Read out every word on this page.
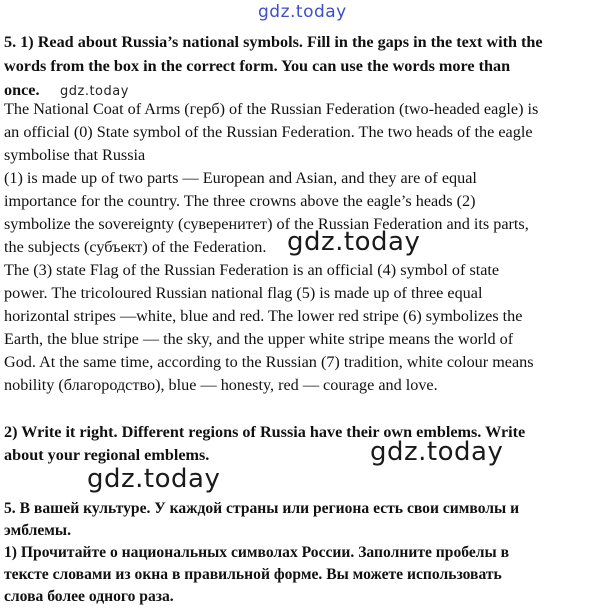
gdz.today
5. 1) Read about Russia’s national symbols. Fill in the gaps in the text with the
words from the box in the correct form. You can use the words more than
once.	gdz.today
The National Coat of Arms (герб) of the Russian Federation (two-headed eagle) is
an official (0) State symbol of the Russian Federation. The two heads of the eagle
symbolise that Russia
(1) is made up of two parts — European and Asian, and they are of equal
importance for the country. The three crowns above the eagle’s heads (2)
symbolize the sovereignty (суверенитет) of the Russian Federation and its parts,
the subjects (субъект) of the Federation.
The (3) state Flag of the Russian Federation is an official (4) symbol of state
power. The tricoloured Russian national flag (5) is made up of three equal
horizontal stripes —white, blue and red. The lower red stripe (6) symbolizes the
Earth, the blue stripe — the sky, and the upper white stripe means the world of
God. At the same time, according to the Russian (7) tradition, white colour means
nobility (благородство), blue — honesty, red — courage and love.
gdz.today
2) Write it right. Different regions of Russia have their own emblems. Write
about your regional emblems.	gdz.today
gdz.today
5. В вашей культуре. У каждой страны или региона есть свои символы и
эмблемы.
1) Прочитайте о национальных символах России. Заполните пробелы в
тексте словами из окна в правильной форме. Вы можете использовать
слова более одного раза.
